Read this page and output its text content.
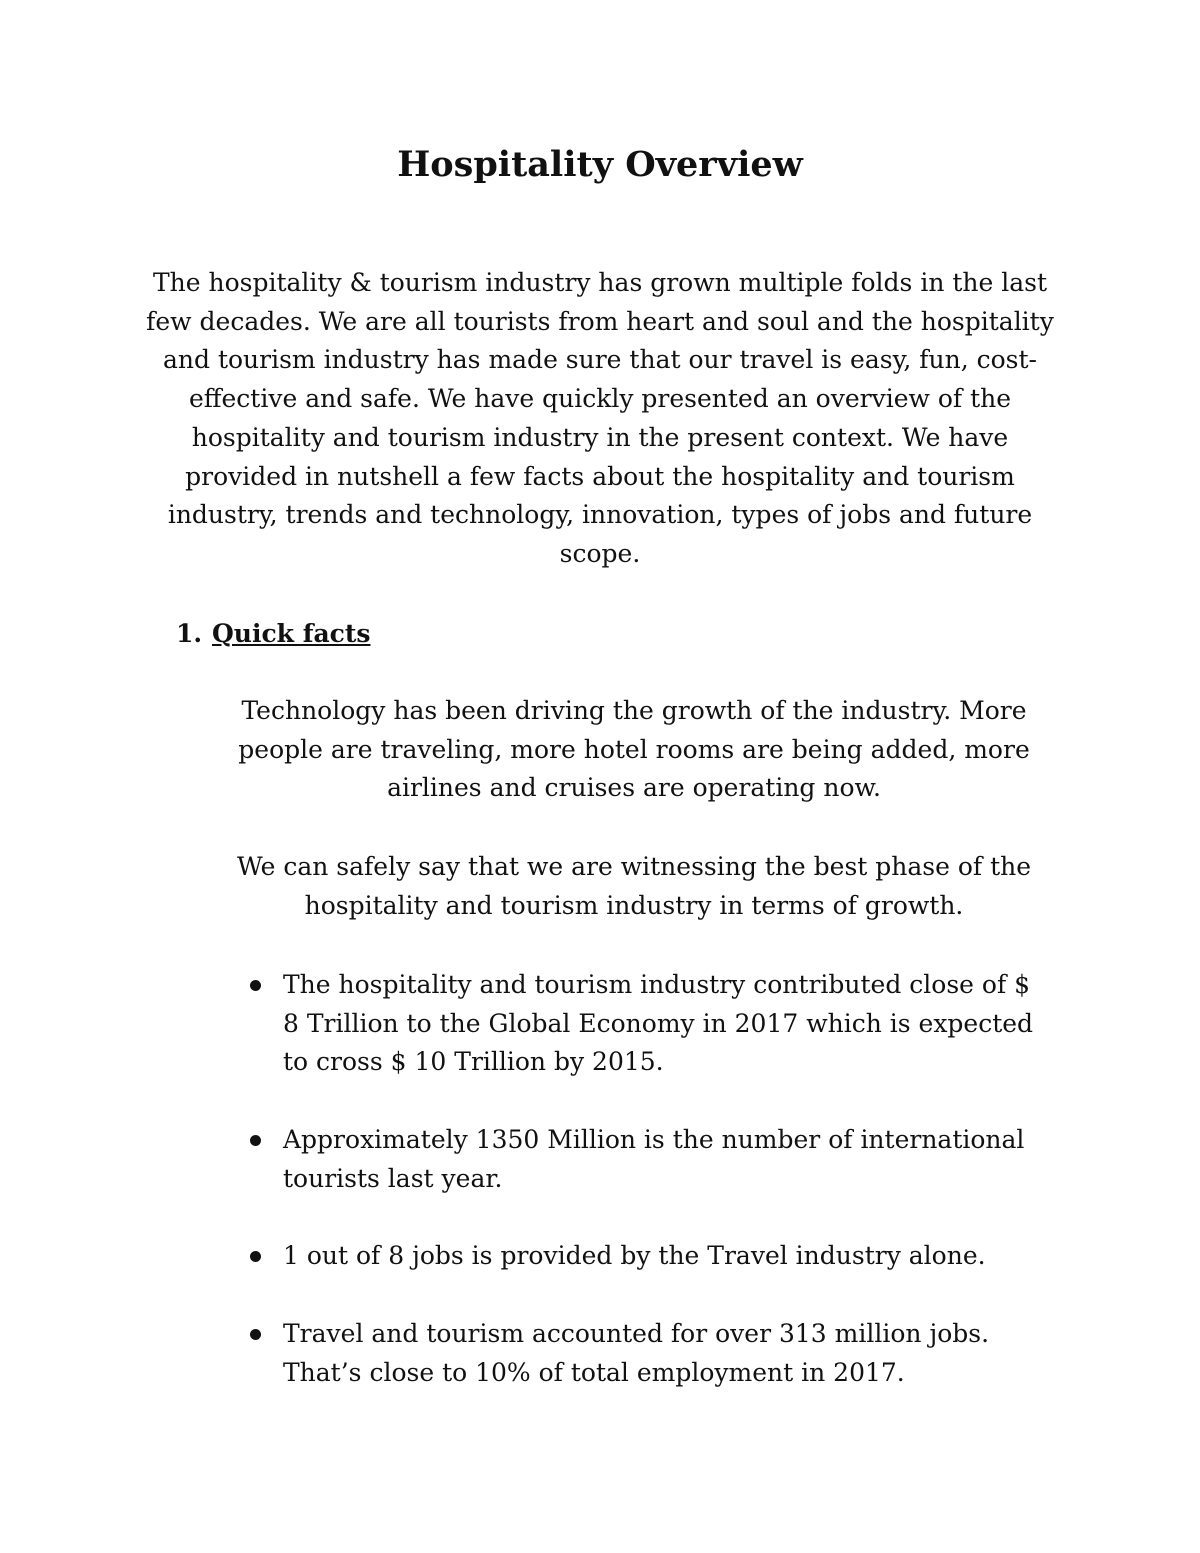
Hospitality Overview

The hospitality & tourism industry has grown multiple folds in the last few decades. We are all tourists from heart and soul and the hospitality and tourism industry has made sure that our travel is easy, fun, cost-effective and safe. We have quickly presented an overview of the hospitality and tourism industry in the present context. We have provided in nutshell a few facts about the hospitality and tourism industry, trends and technology, innovation, types of jobs and future scope.

1. Quick facts

Technology has been driving the growth of the industry. More people are traveling, more hotel rooms are being added, more airlines and cruises are operating now.

We can safely say that we are witnessing the best phase of the hospitality and tourism industry in terms of growth.

The hospitality and tourism industry contributed close of $ 8 Trillion to the Global Economy in 2017 which is expected to cross $ 10 Trillion by 2015.
Approximately 1350 Million is the number of international tourists last year.
1 out of 8 jobs is provided by the Travel industry alone.
Travel and tourism accounted for over 313 million jobs. That’s close to 10% of total employment in 2017.
